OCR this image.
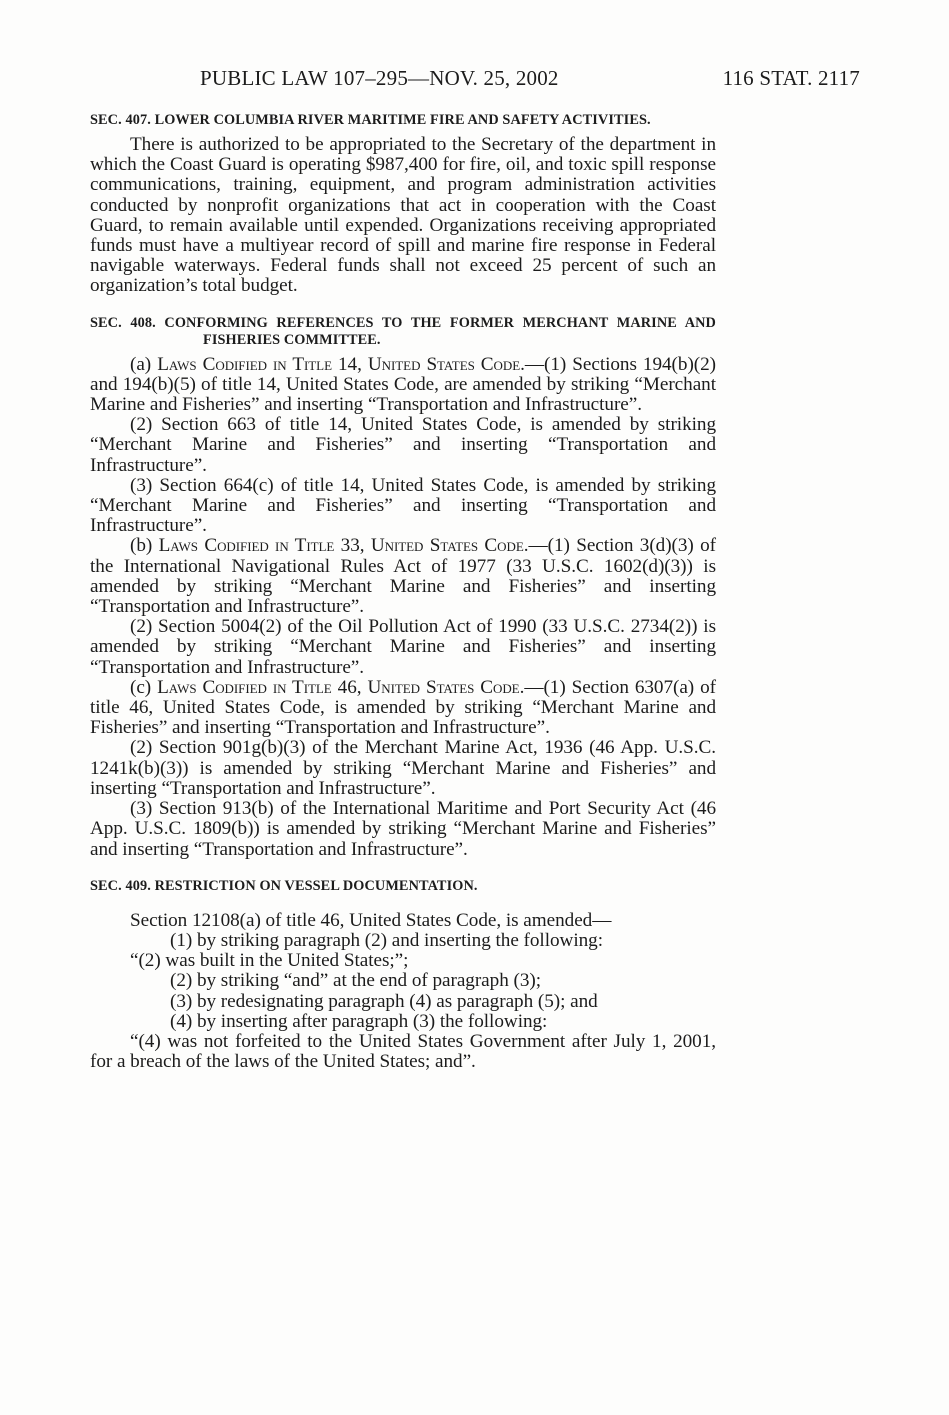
PUBLIC LAW 107–295—NOV. 25, 2002	116 STAT. 2117
SEC. 407. LOWER COLUMBIA RIVER MARITIME FIRE AND SAFETY ACTIVITIES.

There is authorized to be appropriated to the Secretary of the department in which the Coast Guard is operating $987,400 for fire, oil, and toxic spill response communications, training, equipment, and program administration activities conducted by nonprofit organizations that act in cooperation with the Coast Guard, to remain available until expended. Organizations receiving appropriated funds must have a multiyear record of spill and marine fire response in Federal navigable waterways. Federal funds shall not exceed 25 percent of such an organization’s total budget.

SEC. 408. CONFORMING REFERENCES TO THE FORMER MERCHANT MARINE AND FISHERIES COMMITTEE.

(a) Laws Codified in Title 14, United States Code.—(1) Sections 194(b)(2) and 194(b)(5) of title 14, United States Code, are amended by striking “Merchant Marine and Fisheries” and inserting “Transportation and Infrastructure”.

(2) Section 663 of title 14, United States Code, is amended by striking “Merchant Marine and Fisheries” and inserting “Transportation and Infrastructure”.

(3) Section 664(c) of title 14, United States Code, is amended by striking “Merchant Marine and Fisheries” and inserting “Transportation and Infrastructure”.

(b) Laws Codified in Title 33, United States Code.—(1) Section 3(d)(3) of the International Navigational Rules Act of 1977 (33 U.S.C. 1602(d)(3)) is amended by striking “Merchant Marine and Fisheries” and inserting “Transportation and Infrastructure”.

(2) Section 5004(2) of the Oil Pollution Act of 1990 (33 U.S.C. 2734(2)) is amended by striking “Merchant Marine and Fisheries” and inserting “Transportation and Infrastructure”.

(c) Laws Codified in Title 46, United States Code.—(1) Section 6307(a) of title 46, United States Code, is amended by striking “Merchant Marine and Fisheries” and inserting “Transportation and Infrastructure”.

(2) Section 901g(b)(3) of the Merchant Marine Act, 1936 (46 App. U.S.C. 1241k(b)(3)) is amended by striking “Merchant Marine and Fisheries” and inserting “Transportation and Infrastructure”.

(3) Section 913(b) of the International Maritime and Port Security Act (46 App. U.S.C. 1809(b)) is amended by striking “Merchant Marine and Fisheries” and inserting “Transportation and Infrastructure”.

SEC. 409. RESTRICTION ON VESSEL DOCUMENTATION.

Section 12108(a) of title 46, United States Code, is amended—

(1) by striking paragraph (2) and inserting the following:

“(2) was built in the United States;”;

(2) by striking “and” at the end of paragraph (3);

(3) by redesignating paragraph (4) as paragraph (5); and

(4) by inserting after paragraph (3) the following:

“(4) was not forfeited to the United States Government after July 1, 2001, for a breach of the laws of the United States; and”.
